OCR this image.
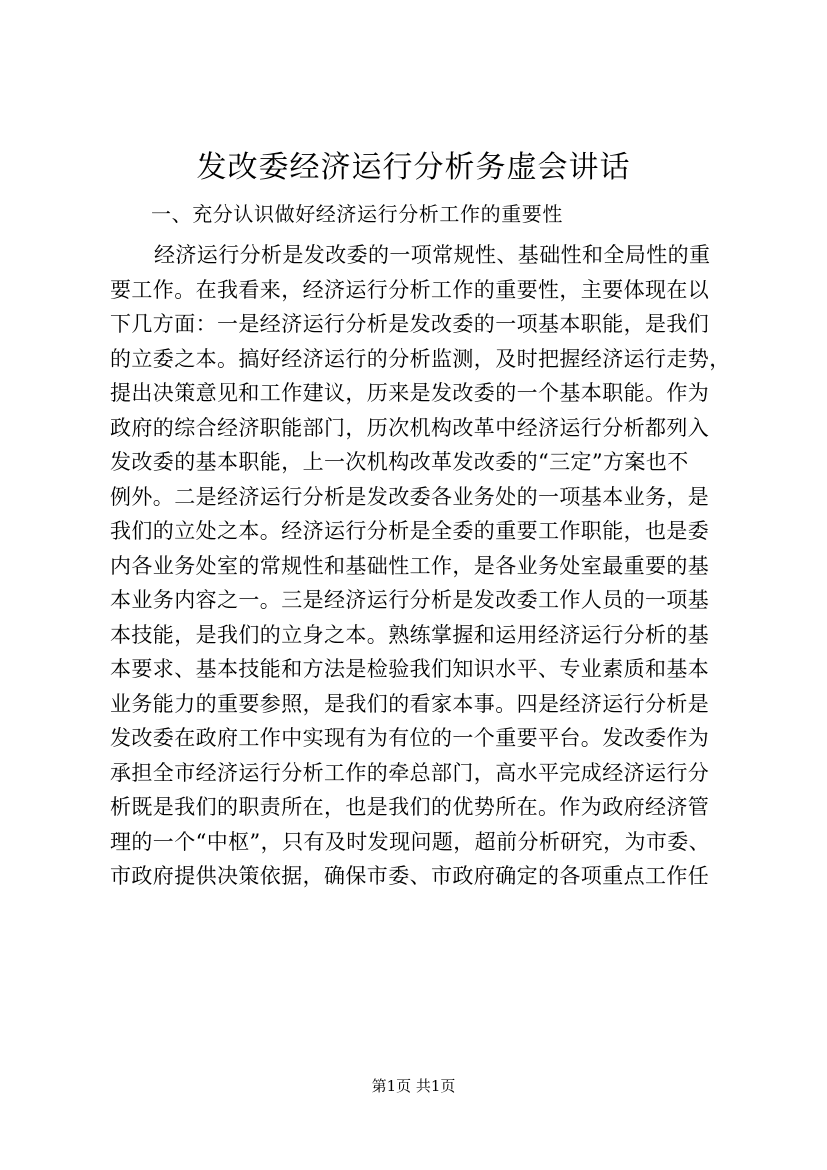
发改委经济运行分析务虚会讲话
一、充分认识做好经济运行分析工作的重要性
经济运行分析是发改委的一项常规性、基础性和全局性的重
要工作。在我看来，经济运行分析工作的重要性，主要体现在以
下几方面：一是经济运行分析是发改委的一项基本职能，是我们
的立委之本。搞好经济运行的分析监测，及时把握经济运行走势，
提出决策意见和工作建议，历来是发改委的一个基本职能。作为
政府的综合经济职能部门，历次机构改革中经济运行分析都列入
发改委的基本职能，上一次机构改革发改委的“三定”方案也不
例外。二是经济运行分析是发改委各业务处的一项基本业务，是
我们的立处之本。经济运行分析是全委的重要工作职能，也是委
内各业务处室的常规性和基础性工作，是各业务处室最重要的基
本业务内容之一。三是经济运行分析是发改委工作人员的一项基
本技能，是我们的立身之本。熟练掌握和运用经济运行分析的基
本要求、基本技能和方法是检验我们知识水平、专业素质和基本
业务能力的重要参照，是我们的看家本事。四是经济运行分析是
发改委在政府工作中实现有为有位的一个重要平台。发改委作为
承担全市经济运行分析工作的牵总部门，高水平完成经济运行分
析既是我们的职责所在，也是我们的优势所在。作为政府经济管
理的一个“中枢”，只有及时发现问题，超前分析研究，为市委、
市政府提供决策依据，确保市委、市政府确定的各项重点工作任
第1页 共1页
